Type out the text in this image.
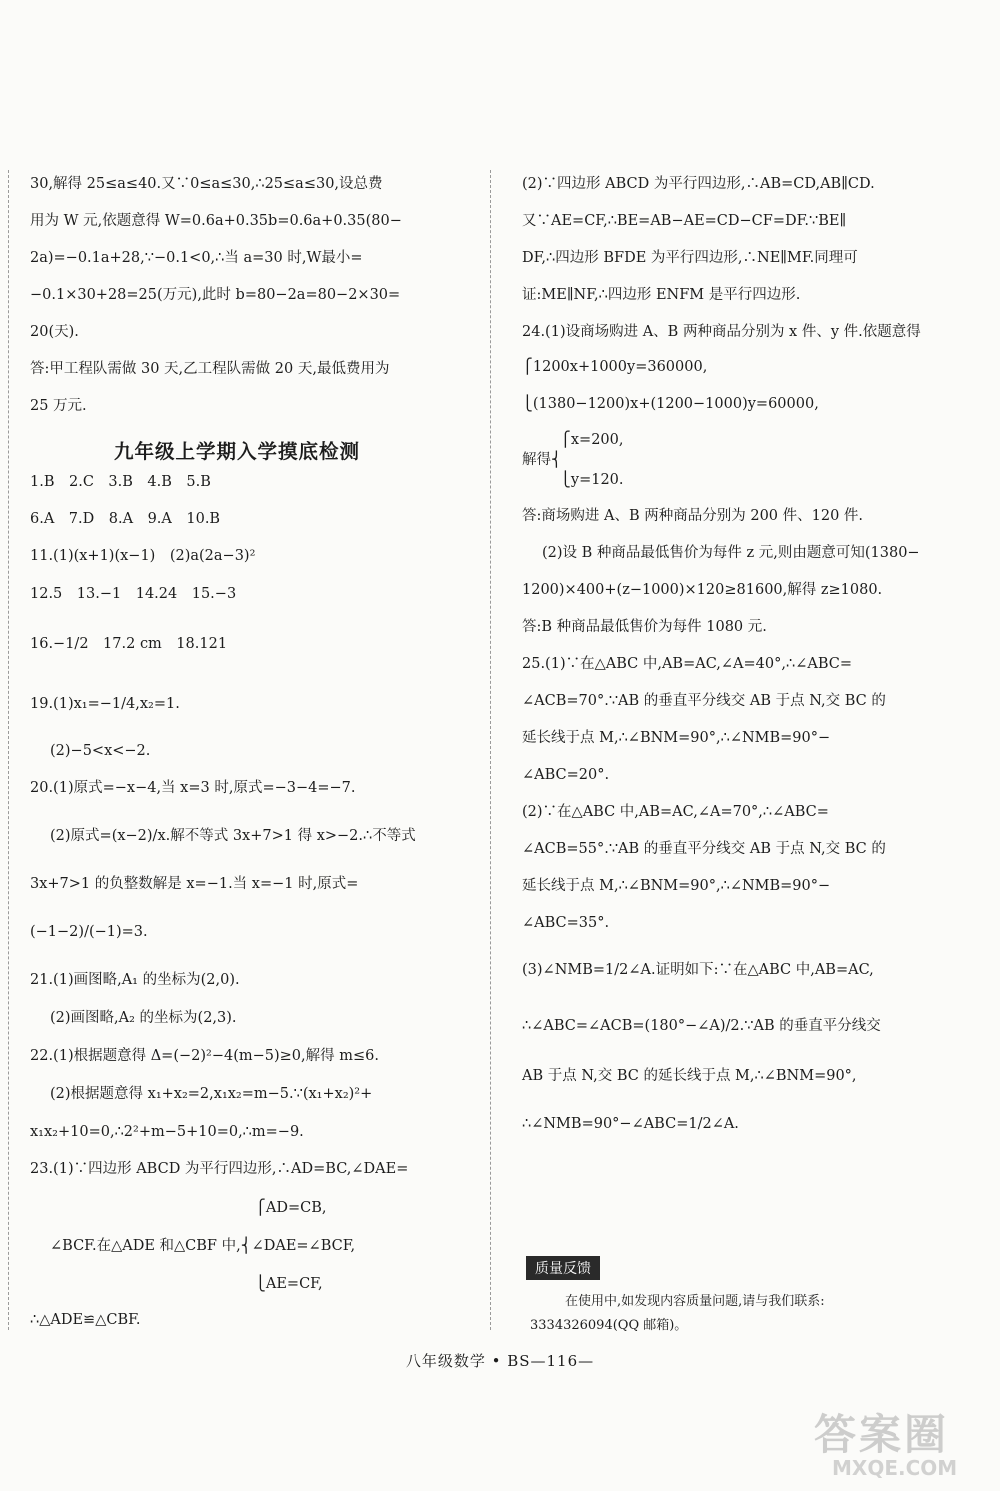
30,解得 25≤a≤40.又∵0≤a≤30,∴25≤a≤30,设总费
用为 W 元,依题意得 W=0.6a+0.35b=0.6a+0.35(80−
2a)=−0.1a+28,∵−0.1<0,∴当 a=30 时,W最小=
−0.1×30+28=25(万元),此时 b=80−2a=80−2×30=
20(天).
答:甲工程队需做 30 天,乙工程队需做 20 天,最低费用为
25 万元.
九年级上学期入学摸底检测
1.B　2.C　3.B　4.B　5.B
6.A　7.D　8.A　9.A　10.B
11.(1)(x+1)(x−1)　(2)a(2a−3)²
12.5　13.−1　14.24　15.−3
16.−1/2　17.2 cm　18.121
19.(1)x₁=−1/4,x₂=1.
(2)−5<x<−2.
20.(1)原式=−x−4,当 x=3 时,原式=−3−4=−7.
(2)原式=(x−2)/x.解不等式 3x+7>1 得 x>−2.∴不等式
3x+7>1 的负整数解是 x=−1.当 x=−1 时,原式=
(−1−2)/(−1)=3.
21.(1)画图略,A₁ 的坐标为(2,0).
(2)画图略,A₂ 的坐标为(2,3).
22.(1)根据题意得 Δ=(−2)²−4(m−5)≥0,解得 m≤6.
(2)根据题意得 x₁+x₂=2,x₁x₂=m−5.∵(x₁+x₂)²+
x₁x₂+10=0,∴2²+m−5+10=0,∴m=−9.
23.(1)∵四边形 ABCD 为平行四边形,∴AD=BC,∠DAE=
⎧AD=CB,
∠BCF.在△ADE 和△CBF 中,⎨∠DAE=∠BCF,
⎩AE=CF,
∴△ADE≌△CBF.
(2)∵四边形 ABCD 为平行四边形,∴AB=CD,AB∥CD.
又∵AE=CF,∴BE=AB−AE=CD−CF=DF.∵BE∥
DF,∴四边形 BFDE 为平行四边形,∴NE∥MF.同理可
证:ME∥NF,∴四边形 ENFM 是平行四边形.
24.(1)设商场购进 A、B 两种商品分别为 x 件、y 件.依题意得
⎧1200x+1000y=360000,
⎩(1380−1200)x+(1200−1000)y=60000,
⎧x=200,
解得⎨
⎩y=120.
答:商场购进 A、B 两种商品分别为 200 件、120 件.
(2)设 B 种商品最低售价为每件 z 元,则由题意可知(1380−
1200)×400+(z−1000)×120≥81600,解得 z≥1080.
答:B 种商品最低售价为每件 1080 元.
25.(1)∵在△ABC 中,AB=AC,∠A=40°,∴∠ABC=
∠ACB=70°.∵AB 的垂直平分线交 AB 于点 N,交 BC 的
延长线于点 M,∴∠BNM=90°,∴∠NMB=90°−
∠ABC=20°.
(2)∵在△ABC 中,AB=AC,∠A=70°,∴∠ABC=
∠ACB=55°.∵AB 的垂直平分线交 AB 于点 N,交 BC 的
延长线于点 M,∴∠BNM=90°,∴∠NMB=90°−
∠ABC=35°.
(3)∠NMB=1/2∠A.证明如下:∵在△ABC 中,AB=AC,
∴∠ABC=∠ACB=(180°−∠A)/2.∵AB 的垂直平分线交
AB 于点 N,交 BC 的延长线于点 M,∴∠BNM=90°,
∴∠NMB=90°−∠ABC=1/2∠A.
质量反馈
在使用中,如发现内容质量问题,请与我们联系:
3334326094(QQ 邮箱)。
八年级数学 • BS—116—
答案圈
MXQE.COM
